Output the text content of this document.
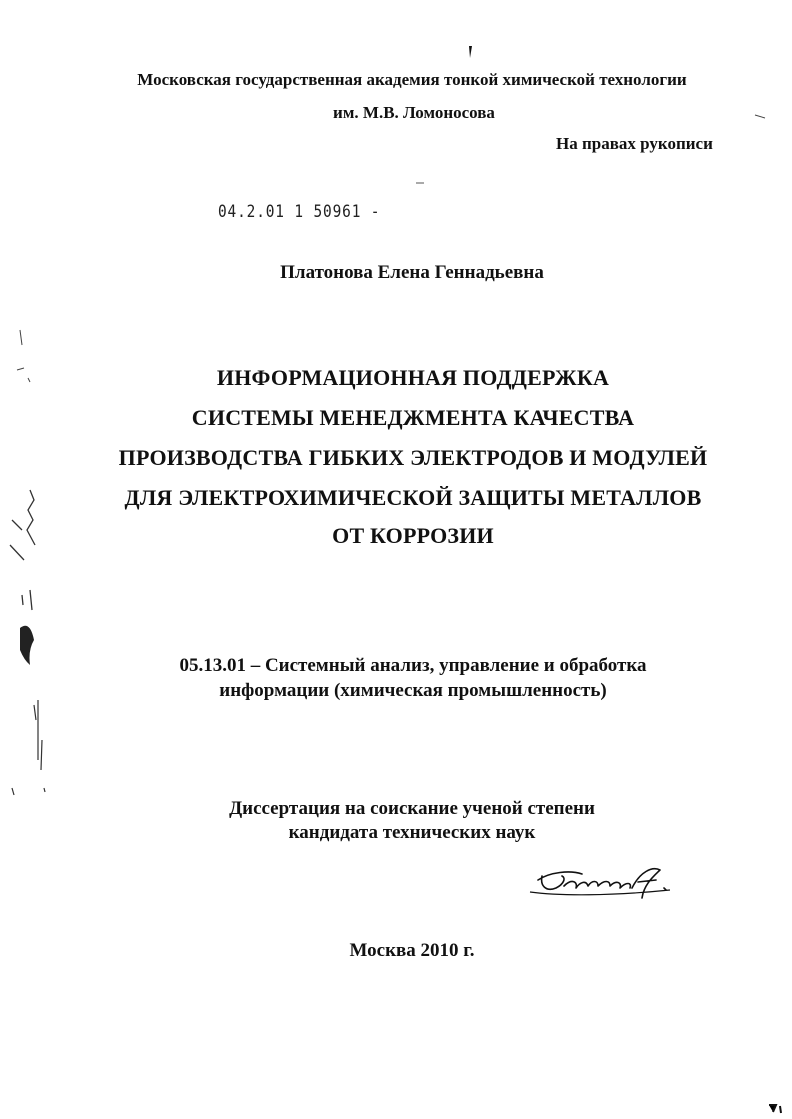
Московская государственная академия тонкой химической технологии
им. М.В. Ломоносова
На правах рукописи
04.2.01 1 50961 -
Платонова Елена Геннадьевна
ИНФОРМАЦИОННАЯ ПОДДЕРЖКА
СИСТЕМЫ МЕНЕДЖМЕНТА КАЧЕСТВА
ПРОИЗВОДСТВА ГИБКИХ ЭЛЕКТРОДОВ И МОДУЛЕЙ
ДЛЯ ЭЛЕКТРОХИМИЧЕСКОЙ ЗАЩИТЫ МЕТАЛЛОВ
ОТ КОРРОЗИИ
05.13.01 – Системный анализ, управление и обработка
информации (химическая промышленность)
Диссертация на соискание ученой степени
кандидата технических наук
Москва 2010 г.
